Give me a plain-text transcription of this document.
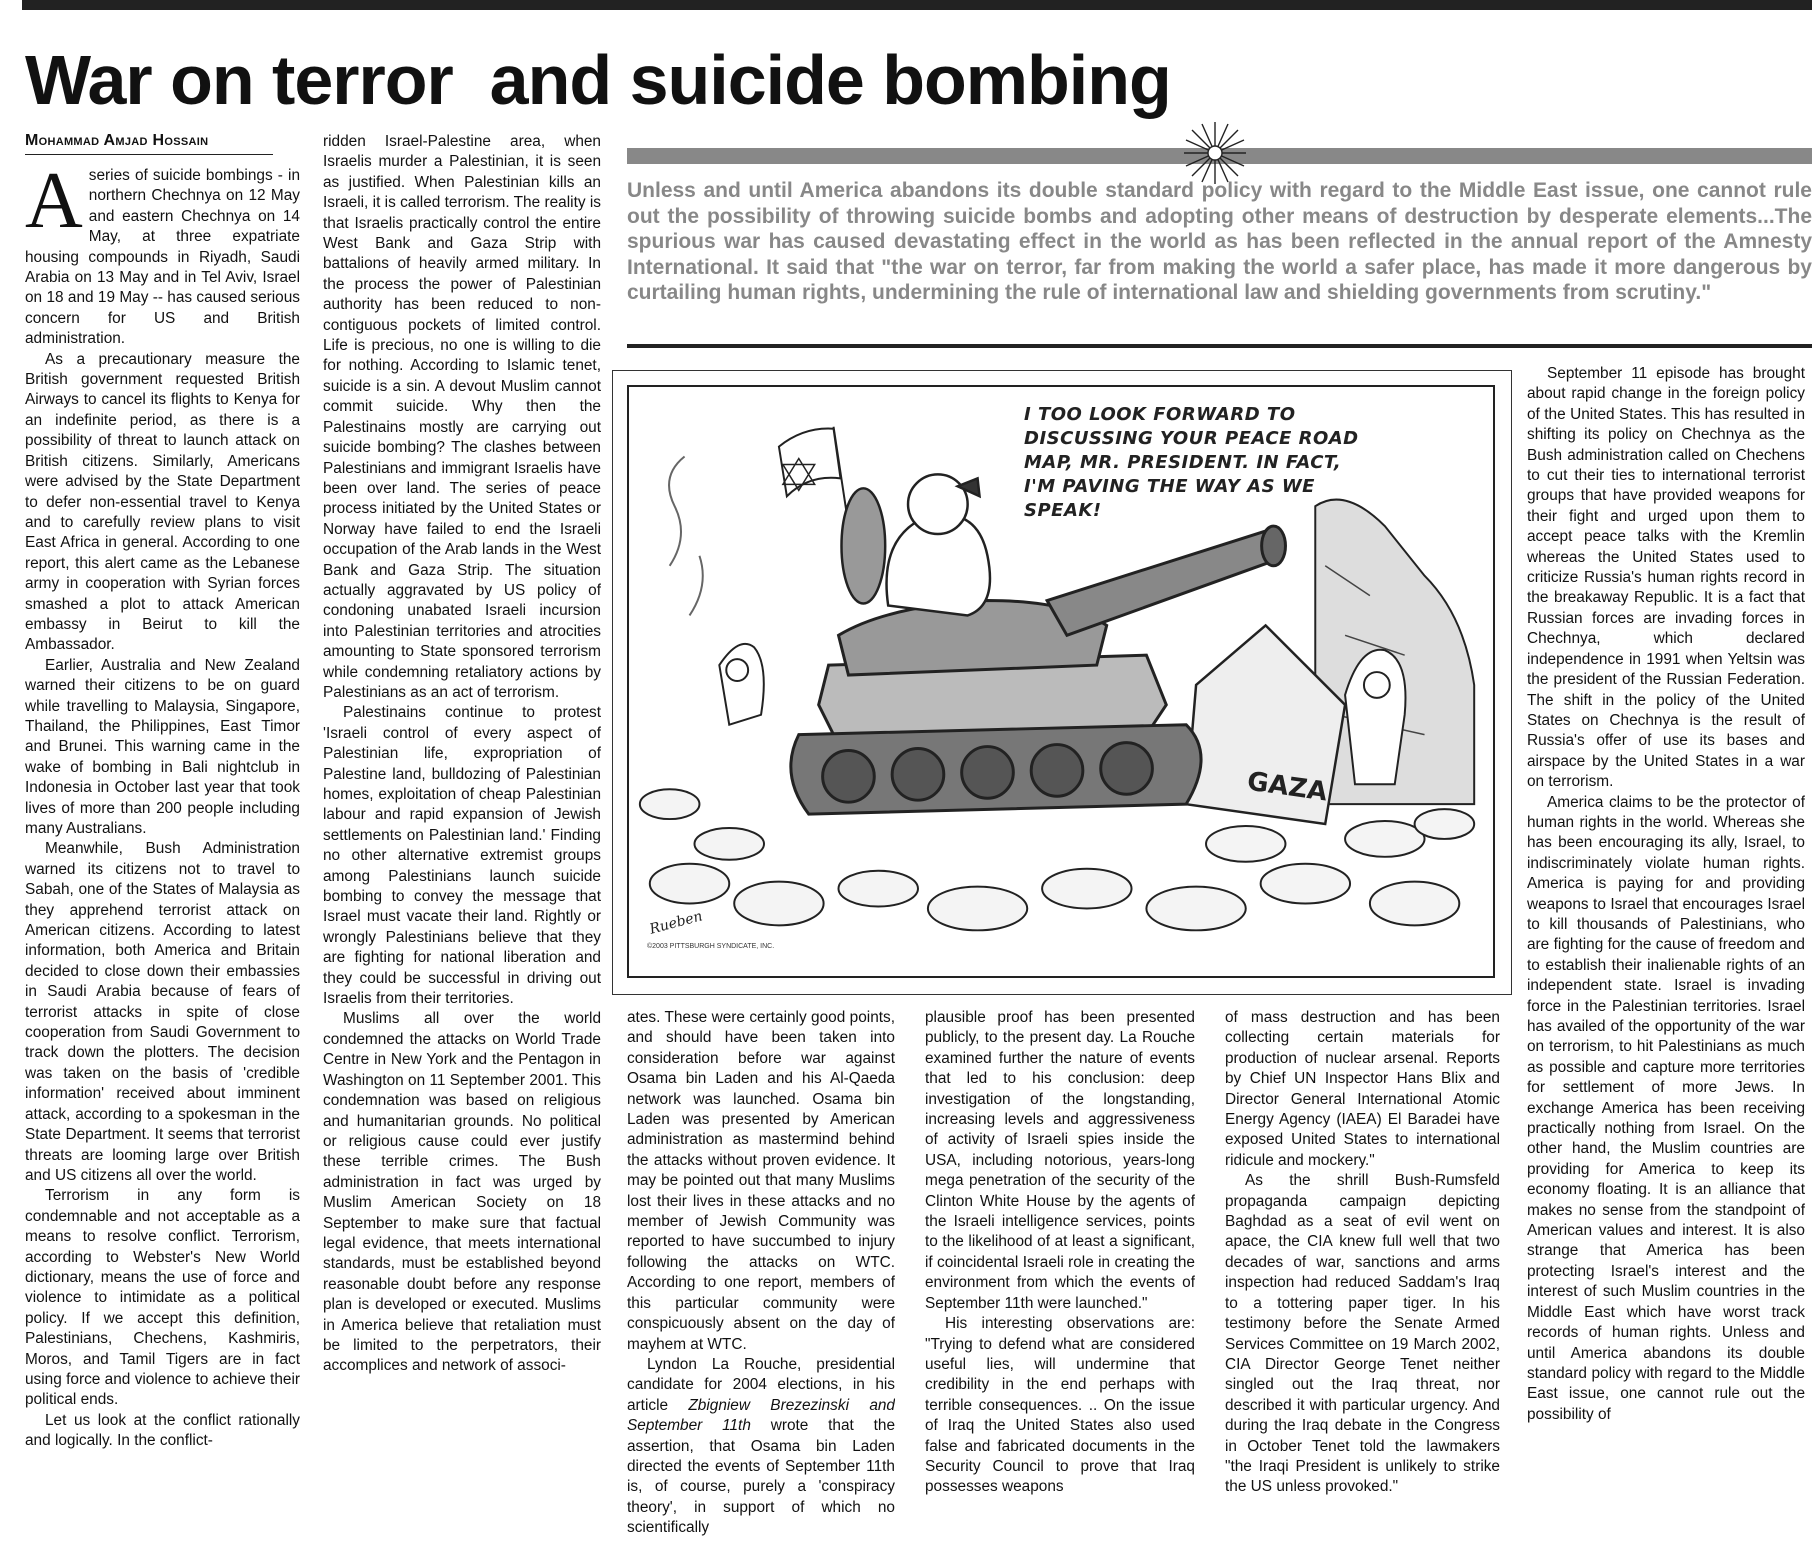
War on terror  and suicide bombing
Mohammad Amjad Hossain

Aseries of suicide bombings - in northern Chechnya on 12 May and eastern Chechnya on 14 May, at three expatriate housing compounds in Riyadh, Saudi Arabia on 13 May and in Tel Aviv, Israel on 18 and 19 May -- has caused serious concern for US and British administration.

As a precautionary measure the British government requested British Airways to cancel its flights to Kenya for an indefinite period, as there is a possibility of threat to launch attack on British citizens. Similarly, Americans were advised by the State Department to defer non-essential travel to Kenya and to carefully review plans to visit East Africa in general. According to one report, this alert came as the Lebanese army in cooperation with Syrian forces smashed a plot to attack American embassy in Beirut to kill the Ambassador.

Earlier, Australia and New Zealand warned their citizens to be on guard while travelling to Malaysia, Singapore, Thailand, the Philippines, East Timor and Brunei. This warning came in the wake of bombing in Bali nightclub in Indonesia in October last year that took lives of more than 200 people including many Australians.

Meanwhile, Bush Administration warned its citizens not to travel to Sabah, one of the States of Malaysia as they apprehend terrorist attack on American citizens. According to latest information, both America and Britain decided to close down their embassies in Saudi Arabia because of fears of terrorist attacks in spite of close cooperation from Saudi Government to track down the plotters. The decision was taken on the basis of 'credible information' received about imminent attack, according to a spokesman in the State Department. It seems that terrorist threats are looming large over British and US citizens all over the world.

Terrorism in any form is condemnable and not acceptable as a means to resolve conflict. Terrorism, according to Webster's New World dictionary, means the use of force and violence to intimidate as a political policy. If we accept this definition, Palestinians, Chechens, Kashmiris, Moros, and Tamil Tigers are in fact using force and violence to achieve their political ends.

Let us look at the conflict rationally and logically. In the conflict-

ridden Israel-Palestine area, when Israelis murder a Palestinian, it is seen as justified. When Palestinian kills an Israeli, it is called terrorism. The reality is that Israelis practically control the entire West Bank and Gaza Strip with battalions of heavily armed military. In the process the power of Palestinian authority has been reduced to non-contiguous pockets of limited control. Life is precious, no one is willing to die for nothing. According to Islamic tenet, suicide is a sin. A devout Muslim cannot commit suicide. Why then the Palestinains mostly are carrying out suicide bombing? The clashes between Palestinians and immigrant Israelis have been over land. The series of peace process initiated by the United States or Norway have failed to end the Israeli occupation of the Arab lands in the West Bank and Gaza Strip. The situation actually aggravated by US policy of condoning unabated Israeli incursion into Palestinian territories and atrocities amounting to State sponsored terrorism while condemning retaliatory actions by Palestinians as an act of terrorism.

Palestinains continue to protest 'Israeli control of every aspect of Palestinian life, expropriation of Palestine land, bulldozing of Palestinian homes, exploitation of cheap Palestinian labour and rapid expansion of Jewish settlements on Palestinian land.' Finding no other alternative extremist groups among Palestinians launch suicide bombing to convey the message that Israel must vacate their land. Rightly or wrongly Palestinians believe that they are fighting for national liberation and they could be successful in driving out Israelis from their territories.

Muslims all over the world condemned the attacks on World Trade Centre in New York and the Pentagon in Washington on 11 September 2001. This condemnation was based on religious and humanitarian grounds. No political or religious cause could ever justify these terrible crimes. The Bush administration in fact was urged by Muslim American Society on 18 September to make sure that factual legal evidence, that meets international standards, must be established beyond reasonable doubt before any response plan is developed or executed. Muslims in America believe that retaliation must be limited to the perpetrators, their accomplices and network of associ-

Unless and until America abandons its double standard policy with regard to the Middle East issue, one cannot rule out the possibility of throwing suicide bombs and adopting other means of destruction by desperate elements...The spurious war has caused devastating effect in the world as has been reflected in the annual report of the Amnesty International. It said that "the war on terror, far from making the world a safer place, has made it more dangerous by curtailing human rights, undermining the rule of international law and shielding governments from scrutiny."
I TOO LOOK FORWARD TO DISCUSSING YOUR PEACE ROAD MAP, MR. PRESIDENT. IN FACT, I'M PAVING THE WAY AS WE SPEAK!
GAZA
Rueben
©2003 PITTSBURGH SYNDICATE, INC.

ates. These were certainly good points, and should have been taken into consideration before war against Osama bin Laden and his Al-Qaeda network was launched. Osama bin Laden was presented by American administration as mastermind behind the attacks without proven evidence. It may be pointed out that many Muslims lost their lives in these attacks and no member of Jewish Community was reported to have succumbed to injury following the attacks on WTC. According to one report, members of this particular community were conspicuously absent on the day of mayhem at WTC.

Lyndon La Rouche, presidential candidate for 2004 elections, in his article Zbigniew Brezezinski and September 11th wrote that the assertion, that Osama bin Laden directed the events of September 11th is, of course, purely a 'conspiracy theory', in support of which no scientifically

plausible proof has been presented publicly, to the present day. La Rouche examined further the nature of events that led to his conclusion: deep investigation of the longstanding, increasing levels and aggressiveness of activity of Israeli spies inside the USA, including notorious, years-long mega penetration of the security of the Clinton White House by the agents of the Israeli intelligence services, points to the likelihood of at least a significant, if coincidental Israeli role in creating the environment from which the events of September 11th were launched."

His interesting observations are: "Trying to defend what are considered useful lies, will undermine that credibility in the end perhaps with terrible consequences. .. On the issue of Iraq the United States also used false and fabricated documents in the Security Council to prove that Iraq possesses weapons

of mass destruction and has been collecting certain materials for production of nuclear arsenal. Reports by Chief UN Inspector Hans Blix and Director General International Atomic Energy Agency (IAEA) El Baradei have exposed United States to international ridicule and mockery."

As the shrill Bush-Rumsfeld propaganda campaign depicting Baghdad as a seat of evil went on apace, the CIA knew full well that two decades of war, sanctions and arms inspection had reduced Saddam's Iraq to a tottering paper tiger. In his testimony before the Senate Armed Services Committee on 19 March 2002, CIA Director George Tenet neither singled out the Iraq threat, nor described it with particular urgency. And during the Iraq debate in the Congress in October Tenet told the lawmakers "the Iraqi President is unlikely to strike the US unless provoked."

September 11 episode has brought about rapid change in the foreign policy of the United States. This has resulted in shifting its policy on Chechnya as the Bush administration called on Chechens to cut their ties to international terrorist groups that have provided weapons for their fight and urged upon them to accept peace talks with the Kremlin whereas the United States used to criticize Russia's human rights record in the breakaway Republic. It is a fact that Russian forces are invading forces in Chechnya, which declared independence in 1991 when Yeltsin was the president of the Russian Federation. The shift in the policy of the United States on Chechnya is the result of Russia's offer of use its bases and airspace by the United States in a war on terrorism.

America claims to be the protector of human rights in the world. Whereas she has been encouraging its ally, Israel, to indiscriminately violate human rights. America is paying for and providing weapons to Israel that encourages Israel to kill thousands of Palestinians, who are fighting for the cause of freedom and to establish their inalienable rights of an independent state. Israel is invading force in the Palestinian territories. Israel has availed of the opportunity of the war on terrorism, to hit Palestinians as much as possible and capture more territories for settlement of more Jews. In exchange America has been receiving practically nothing from Israel. On the other hand, the Muslim countries are providing for America to keep its economy floating. It is an alliance that makes no sense from the standpoint of American values and interest. It is also strange that America has been protecting Israel's interest and the interest of such Muslim countries in the Middle East which have worst track records of human rights. Unless and until America abandons its double standard policy with regard to the Middle East issue, one cannot rule out the possibility of
